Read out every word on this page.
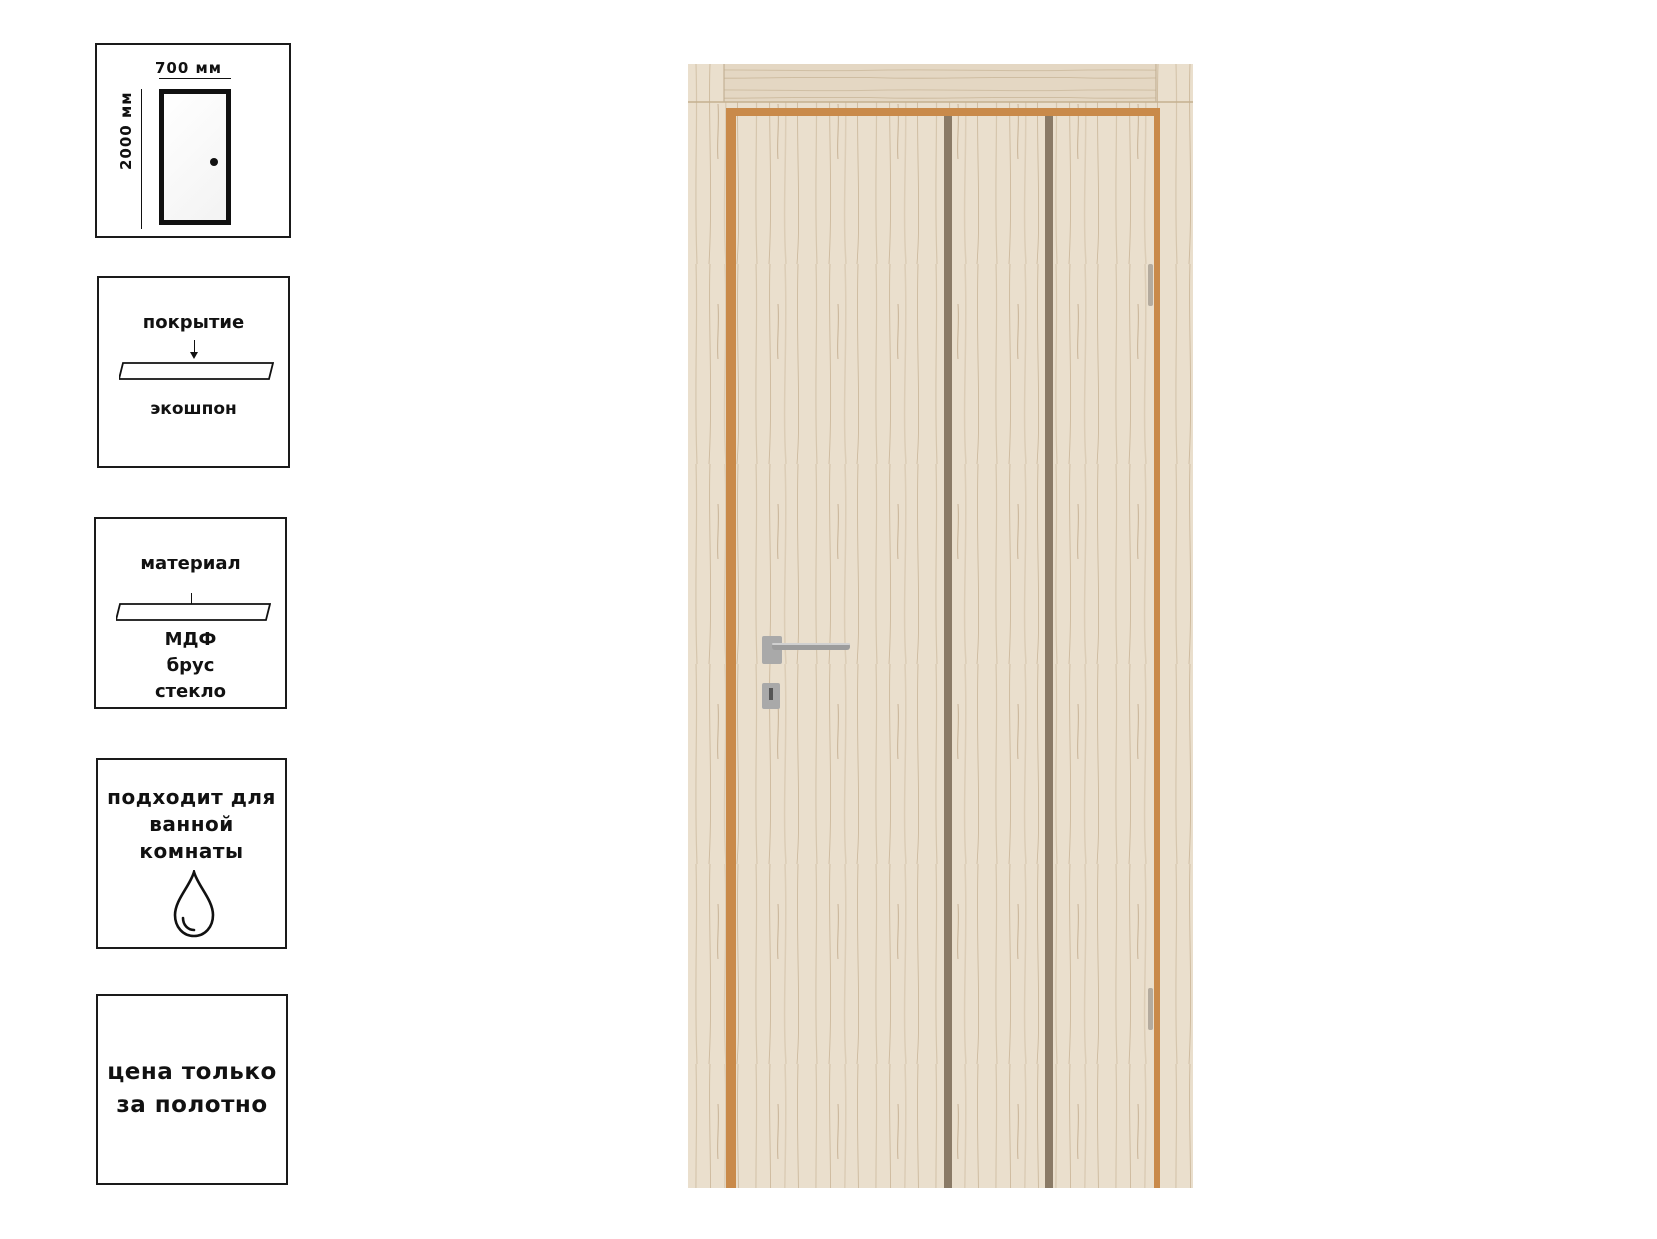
700 мм
2000 мм
покрытие
экошпон
материал
МДФ
брус
стекло
подходит для
ванной
комнаты
цена только
за полотно
